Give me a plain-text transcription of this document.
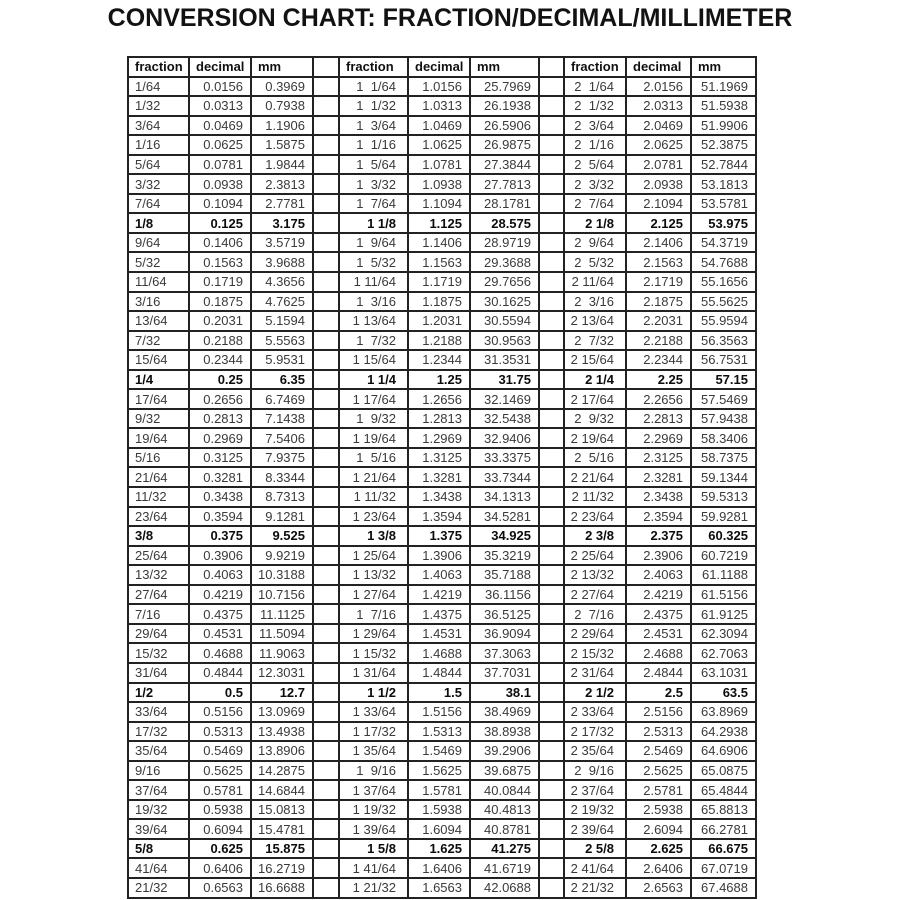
CONVERSION CHART: FRACTION/DECIMAL/MILLIMETER
fraction	decimal	mm		fraction	decimal	mm		fraction	decimal	mm
1/64	0.0156	0.3969		1  1/64	1.0156	25.7969		2  1/64	2.0156	51.1969
1/32	0.0313	0.7938		1  1/32	1.0313	26.1938		2  1/32	2.0313	51.5938
3/64	0.0469	1.1906		1  3/64	1.0469	26.5906		2  3/64	2.0469	51.9906
1/16	0.0625	1.5875		1  1/16	1.0625	26.9875		2  1/16	2.0625	52.3875
5/64	0.0781	1.9844		1  5/64	1.0781	27.3844		2  5/64	2.0781	52.7844
3/32	0.0938	2.3813		1  3/32	1.0938	27.7813		2  3/32	2.0938	53.1813
7/64	0.1094	2.7781		1  7/64	1.1094	28.1781		2  7/64	2.1094	53.5781
1/8	0.125	3.175		1 1/8	1.125	28.575		2 1/8	2.125	53.975
9/64	0.1406	3.5719		1  9/64	1.1406	28.9719		2  9/64	2.1406	54.3719
5/32	0.1563	3.9688		1  5/32	1.1563	29.3688		2  5/32	2.1563	54.7688
11/64	0.1719	4.3656		1 11/64	1.1719	29.7656		2 11/64	2.1719	55.1656
3/16	0.1875	4.7625		1  3/16	1.1875	30.1625		2  3/16	2.1875	55.5625
13/64	0.2031	5.1594		1 13/64	1.2031	30.5594		2 13/64	2.2031	55.9594
7/32	0.2188	5.5563		1  7/32	1.2188	30.9563		2  7/32	2.2188	56.3563
15/64	0.2344	5.9531		1 15/64	1.2344	31.3531		2 15/64	2.2344	56.7531
1/4	0.25	6.35		1 1/4	1.25	31.75		2 1/4	2.25	57.15
17/64	0.2656	6.7469		1 17/64	1.2656	32.1469		2 17/64	2.2656	57.5469
9/32	0.2813	7.1438		1  9/32	1.2813	32.5438		2  9/32	2.2813	57.9438
19/64	0.2969	7.5406		1 19/64	1.2969	32.9406		2 19/64	2.2969	58.3406
5/16	0.3125	7.9375		1  5/16	1.3125	33.3375		2  5/16	2.3125	58.7375
21/64	0.3281	8.3344		1 21/64	1.3281	33.7344		2 21/64	2.3281	59.1344
11/32	0.3438	8.7313		1 11/32	1.3438	34.1313		2 11/32	2.3438	59.5313
23/64	0.3594	9.1281		1 23/64	1.3594	34.5281		2 23/64	2.3594	59.9281
3/8	0.375	9.525		1 3/8	1.375	34.925		2 3/8	2.375	60.325
25/64	0.3906	9.9219		1 25/64	1.3906	35.3219		2 25/64	2.3906	60.7219
13/32	0.4063	10.3188		1 13/32	1.4063	35.7188		2 13/32	2.4063	61.1188
27/64	0.4219	10.7156		1 27/64	1.4219	36.1156		2 27/64	2.4219	61.5156
7/16	0.4375	11.1125		1  7/16	1.4375	36.5125		2  7/16	2.4375	61.9125
29/64	0.4531	11.5094		1 29/64	1.4531	36.9094		2 29/64	2.4531	62.3094
15/32	0.4688	11.9063		1 15/32	1.4688	37.3063		2 15/32	2.4688	62.7063
31/64	0.4844	12.3031		1 31/64	1.4844	37.7031		2 31/64	2.4844	63.1031
1/2	0.5	12.7		1 1/2	1.5	38.1		2 1/2	2.5	63.5
33/64	0.5156	13.0969		1 33/64	1.5156	38.4969		2 33/64	2.5156	63.8969
17/32	0.5313	13.4938		1 17/32	1.5313	38.8938		2 17/32	2.5313	64.2938
35/64	0.5469	13.8906		1 35/64	1.5469	39.2906		2 35/64	2.5469	64.6906
9/16	0.5625	14.2875		1  9/16	1.5625	39.6875		2  9/16	2.5625	65.0875
37/64	0.5781	14.6844		1 37/64	1.5781	40.0844		2 37/64	2.5781	65.4844
19/32	0.5938	15.0813		1 19/32	1.5938	40.4813		2 19/32	2.5938	65.8813
39/64	0.6094	15.4781		1 39/64	1.6094	40.8781		2 39/64	2.6094	66.2781
5/8	0.625	15.875		1 5/8	1.625	41.275		2 5/8	2.625	66.675
41/64	0.6406	16.2719		1 41/64	1.6406	41.6719		2 41/64	2.6406	67.0719
21/32	0.6563	16.6688		1 21/32	1.6563	42.0688		2 21/32	2.6563	67.4688
